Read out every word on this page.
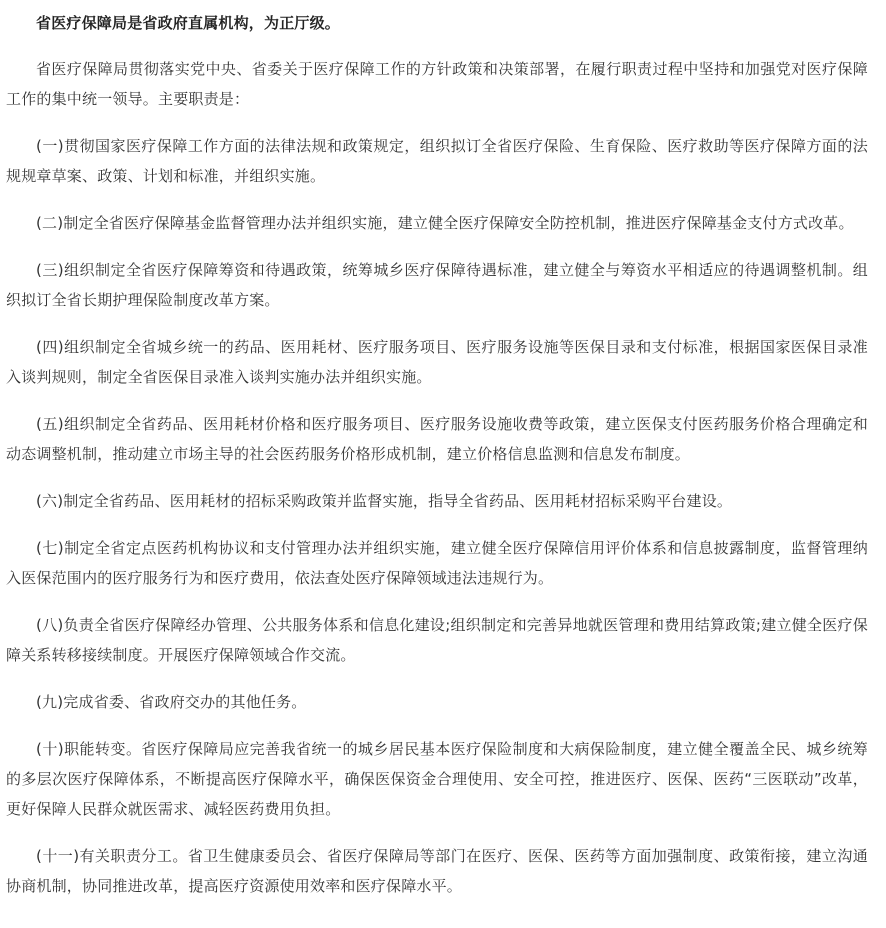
省医疗保障局是省政府直属机构，为正厅级。

省医疗保障局贯彻落实党中央、省委关于医疗保障工作的方针政策和决策部署，在履行职责过程中坚持和加强党对医疗保障工作的集中统一领导。主要职责是：

(一)贯彻国家医疗保障工作方面的法律法规和政策规定，组织拟订全省医疗保险、生育保险、医疗救助等医疗保障方面的法规规章草案、政策、计划和标准，并组织实施。

(二)制定全省医疗保障基金监督管理办法并组织实施，建立健全医疗保障安全防控机制，推进医疗保障基金支付方式改革。

(三)组织制定全省医疗保障筹资和待遇政策，统筹城乡医疗保障待遇标准，建立健全与筹资水平相适应的待遇调整机制。组织拟订全省长期护理保险制度改革方案。

(四)组织制定全省城乡统一的药品、医用耗材、医疗服务项目、医疗服务设施等医保目录和支付标准，根据国家医保目录准入谈判规则，制定全省医保目录准入谈判实施办法并组织实施。

(五)组织制定全省药品、医用耗材价格和医疗服务项目、医疗服务设施收费等政策，建立医保支付医药服务价格合理确定和动态调整机制，推动建立市场主导的社会医药服务价格形成机制，建立价格信息监测和信息发布制度。

(六)制定全省药品、医用耗材的招标采购政策并监督实施，指导全省药品、医用耗材招标采购平台建设。

(七)制定全省定点医药机构协议和支付管理办法并组织实施，建立健全医疗保障信用评价体系和信息披露制度，监督管理纳入医保范围内的医疗服务行为和医疗费用，依法查处医疗保障领域违法违规行为。

(八)负责全省医疗保障经办管理、公共服务体系和信息化建设;组织制定和完善异地就医管理和费用结算政策;建立健全医疗保障关系转移接续制度。开展医疗保障领域合作交流。

(九)完成省委、省政府交办的其他任务。

(十)职能转变。省医疗保障局应完善我省统一的城乡居民基本医疗保险制度和大病保险制度，建立健全覆盖全民、城乡统筹的多层次医疗保障体系，不断提高医疗保障水平，确保医保资金合理使用、安全可控，推进医疗、医保、医药“三医联动”改革，更好保障人民群众就医需求、减轻医药费用负担。

(十一)有关职责分工。省卫生健康委员会、省医疗保障局等部门在医疗、医保、医药等方面加强制度、政策衔接，建立沟通协商机制，协同推进改革，提高医疗资源使用效率和医疗保障水平。
